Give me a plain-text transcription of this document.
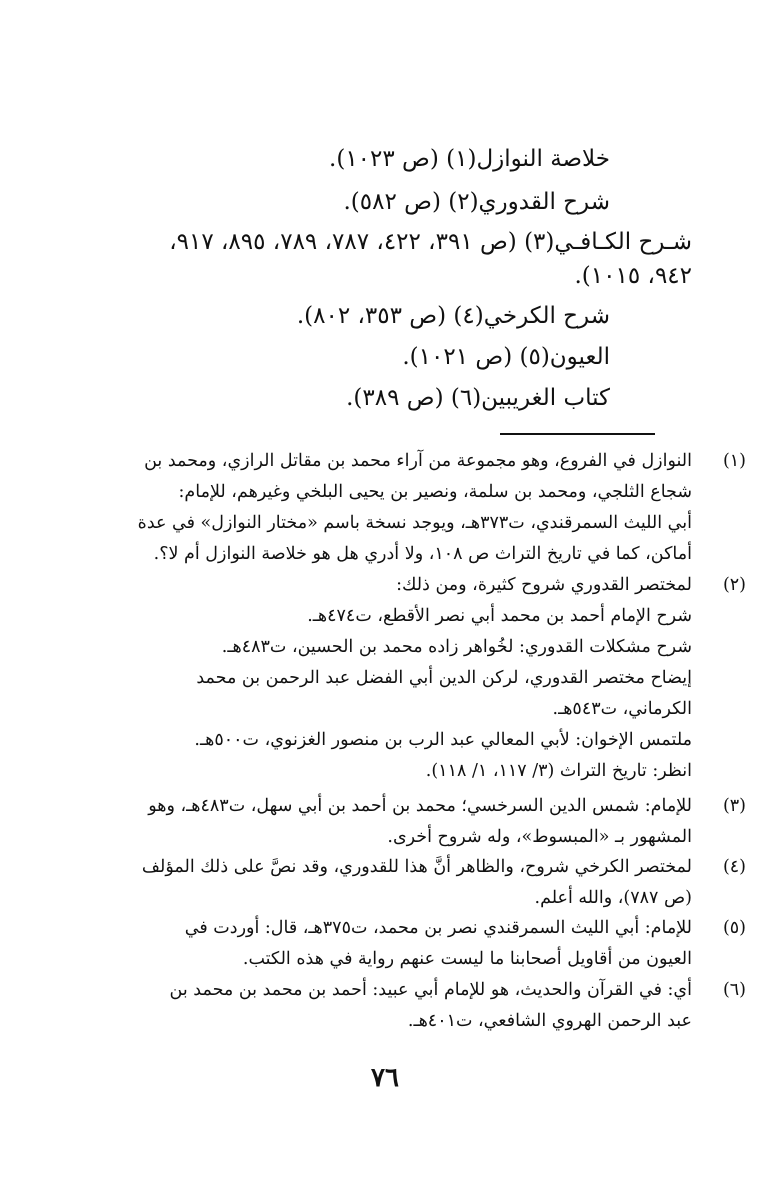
خلاصة النوازل(١) (ص ١٠٢٣).
شرح القدوري(٢) (ص ٥٨٢).
شـرح الكـافـي(٣) (ص ٣٩١، ٤٢٢، ٧٨٧، ٧٨٩، ٨٩٥، ٩١٧،
٩٤٢، ١٠١٥).
شرح الكرخي(٤) (ص ٣٥٣، ٨٠٢).
العيون(٥) (ص ١٠٢١).
كتاب الغريبين(٦) (ص ٣٨٩).
(١)
النوازل في الفروع، وهو مجموعة من آراء محمد بن مقاتل الرازي، ومحمد بن
شجاع الثلجي، ومحمد بن سلمة، ونصير بن يحيى البلخي وغيرهم، للإمام:
أبي الليث السمرقندي، ت٣٧٣هـ، ويوجد نسخة باسم «مختار النوازل» في عدة
أماكن، كما في تاريخ التراث ص ١٠٨، ولا أدري هل هو خلاصة النوازل أم لا؟.
(٢)
لمختصر القدوري شروح كثيرة، ومن ذلك:
شرح الإمام أحمد بن محمد أبي نصر الأقطع، ت٤٧٤هـ.
شرح مشكلات القدوري: لخُواهر زاده محمد بن الحسين، ت٤٨٣هـ.
إيضاح مختصر القدوري، لركن الدين أبي الفضل عبد الرحمن بن محمد
الكرماني، ت٥٤٣هـ.
ملتمس الإخوان: لأبي المعالي عبد الرب بن منصور الغزنوي، ت٥٠٠هـ.
انظر: تاريخ التراث (٣/ ١١٧، ١/ ١١٨).
(٣)
للإمام: شمس الدين السرخسي؛ محمد بن أحمد بن أبي سهل، ت٤٨٣هـ، وهو
المشهور بـ «المبسوط»، وله شروح أخرى.
(٤)
لمختصر الكرخي شروح، والظاهر أنَّ هذا للقدوري، وقد نصَّ على ذلك المؤلف
(ص ٧٨٧)، والله أعلم.
(٥)
للإمام: أبي الليث السمرقندي نصر بن محمد، ت٣٧٥هـ، قال: أوردت في
العيون من أقاويل أصحابنا ما ليست عنهم رواية في هذه الكتب.
(٦)
أي: في القرآن والحديث، هو للإمام أبي عبيد: أحمد بن محمد بن محمد بن
عبد الرحمن الهروي الشافعي، ت٤٠١هـ.
٧٦
